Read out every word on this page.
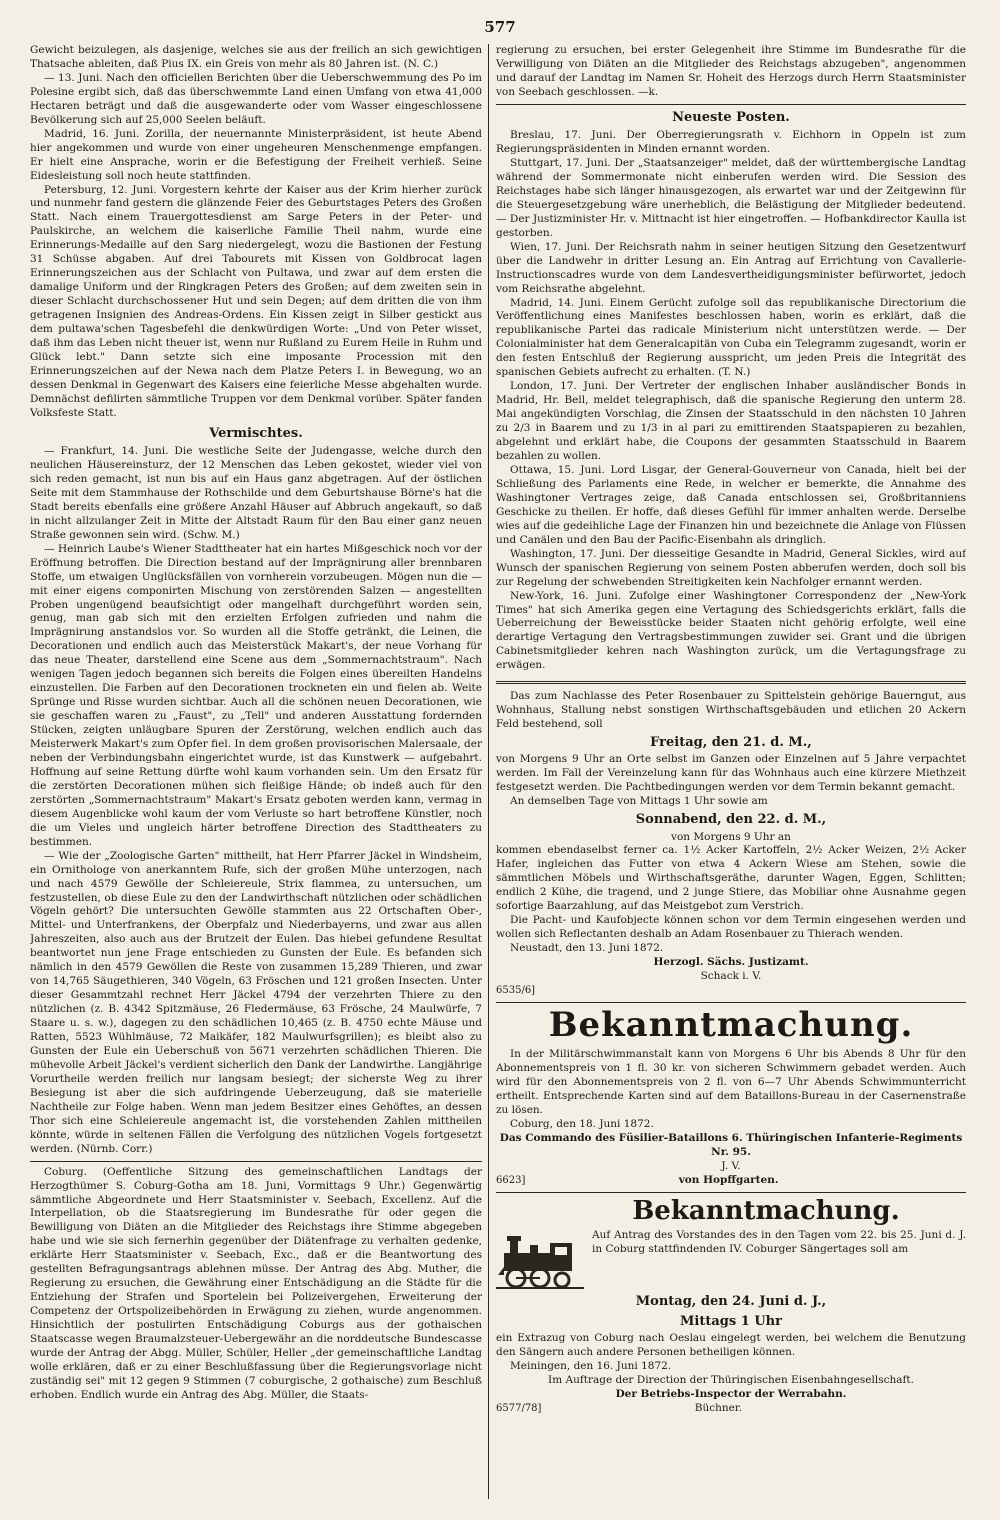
577

Gewicht beizulegen, als dasjenige, welches sie aus der freilich an sich gewichtigen Thatsache ableiten, daß Pius IX. ein Greis von mehr als 80 Jahren ist. (N. C.)

— 13. Juni. Nach den officiellen Berichten über die Ueberschwemmung des Po im Polesine ergibt sich, daß das überschwemmte Land einen Umfang von etwa 41,000 Hectaren beträgt und daß die ausgewanderte oder vom Wasser eingeschlossene Bevölkerung sich auf 25,000 Seelen beläuft.

Madrid, 16. Juni. Zorilla, der neuernannte Ministerpräsident, ist heute Abend hier angekommen und wurde von einer ungeheuren Menschenmenge empfangen. Er hielt eine Ansprache, worin er die Befestigung der Freiheit verhieß. Seine Eidesleistung soll noch heute stattfinden.

Petersburg, 12. Juni. Vorgestern kehrte der Kaiser aus der Krim hierher zurück und nunmehr fand gestern die glänzende Feier des Geburtstages Peters des Großen Statt. Nach einem Trauergottesdienst am Sarge Peters in der Peter- und Paulskirche, an welchem die kaiserliche Familie Theil nahm, wurde eine Erinnerungs-Medaille auf den Sarg niedergelegt, wozu die Bastionen der Festung 31 Schüsse abgaben. Auf drei Tabourets mit Kissen von Goldbrocat lagen Erinnerungszeichen aus der Schlacht von Pultawa, und zwar auf dem ersten die damalige Uniform und der Ringkragen Peters des Großen; auf dem zweiten sein in dieser Schlacht durchschossener Hut und sein Degen; auf dem dritten die von ihm getragenen Insignien des Andreas-Ordens. Ein Kissen zeigt in Silber gestickt aus dem pultawa'schen Tagesbefehl die denkwürdigen Worte: „Und von Peter wisset, daß ihm das Leben nicht theuer ist, wenn nur Rußland zu Eurem Heile in Ruhm und Glück lebt." Dann setzte sich eine imposante Procession mit den Erinnerungszeichen auf der Newa nach dem Platze Peters I. in Bewegung, wo an dessen Denkmal in Gegenwart des Kaisers eine feierliche Messe abgehalten wurde. Demnächst defilirten sämmtliche Truppen vor dem Denkmal vorüber. Später fanden Volksfeste Statt.

Vermischtes.

— Frankfurt, 14. Juni. Die westliche Seite der Judengasse, welche durch den neulichen Häusereinsturz, der 12 Menschen das Leben gekostet, wieder viel von sich reden gemacht, ist nun bis auf ein Haus ganz abgetragen. Auf der östlichen Seite mit dem Stammhause der Rothschilde und dem Geburtshause Börne's hat die Stadt bereits ebenfalls eine größere Anzahl Häuser auf Abbruch angekauft, so daß in nicht allzulanger Zeit in Mitte der Altstadt Raum für den Bau einer ganz neuen Straße gewonnen sein wird. (Schw. M.)

— Heinrich Laube's Wiener Stadttheater hat ein hartes Mißgeschick noch vor der Eröffnung betroffen. Die Direction bestand auf der Imprägnirung aller brennbaren Stoffe, um etwaigen Unglücksfällen von vornherein vorzubeugen. Mögen nun die — mit einer eigens componirten Mischung von zerstörenden Salzen — angestellten Proben ungenügend beaufsichtigt oder mangelhaft durchgeführt worden sein, genug, man gab sich mit den erzielten Erfolgen zufrieden und nahm die Imprägnirung anstandslos vor. So wurden all die Stoffe getränkt, die Leinen, die Decorationen und endlich auch das Meisterstück Makart's, der neue Vorhang für das neue Theater, darstellend eine Scene aus dem „Sommernachtstraum". Nach wenigen Tagen jedoch begannen sich bereits die Folgen eines übereilten Handelns einzustellen. Die Farben auf den Decorationen trockneten ein und fielen ab. Weite Sprünge und Risse wurden sichtbar. Auch all die schönen neuen Decorationen, wie sie geschaffen waren zu „Faust", zu „Tell" und anderen Ausstattung fordernden Stücken, zeigten unläugbare Spuren der Zerstörung, welchen endlich auch das Meisterwerk Makart's zum Opfer fiel. In dem großen provisorischen Malersaale, der neben der Verbindungsbahn eingerichtet wurde, ist das Kunstwerk — aufgebahrt. Hoffnung auf seine Rettung dürfte wohl kaum vorhanden sein. Um den Ersatz für die zerstörten Decorationen mühen sich fleißige Hände; ob indeß auch für den zerstörten „Sommernachtstraum" Makart's Ersatz geboten werden kann, vermag in diesem Augenblicke wohl kaum der vom Verluste so hart betroffene Künstler, noch die um Vieles und ungleich härter betroffene Direction des Stadttheaters zu bestimmen.

— Wie der „Zoologische Garten" mittheilt, hat Herr Pfarrer Jäckel in Windsheim, ein Ornithologe von anerkanntem Rufe, sich der großen Mühe unterzogen, nach und nach 4579 Gewölle der Schleiereule, Strix flammea, zu untersuchen, um festzustellen, ob diese Eule zu den der Landwirthschaft nützlichen oder schädlichen Vögeln gehört? Die untersuchten Gewölle stammten aus 22 Ortschaften Ober-, Mittel- und Unterfrankens, der Oberpfalz und Niederbayerns, und zwar aus allen Jahreszeiten, also auch aus der Brutzeit der Eulen. Das hiebei gefundene Resultat beantwortet nun jene Frage entschieden zu Gunsten der Eule. Es befanden sich nämlich in den 4579 Gewöllen die Reste von zusammen 15,289 Thieren, und zwar von 14,765 Säugethieren, 340 Vögeln, 63 Fröschen und 121 großen Insecten. Unter dieser Gesammtzahl rechnet Herr Jäckel 4794 der verzehrten Thiere zu den nützlichen (z. B. 4342 Spitzmäuse, 26 Fledermäuse, 63 Frösche, 24 Maulwürfe, 7 Staare u. s. w.), dagegen zu den schädlichen 10,465 (z. B. 4750 echte Mäuse und Ratten, 5523 Wühlmäuse, 72 Maikäfer, 182 Maulwurfsgrillen); es bleibt also zu Gunsten der Eule ein Ueberschuß von 5671 verzehrten schädlichen Thieren. Die mühevolle Arbeit Jäckel's verdient sicherlich den Dank der Landwirthe. Langjährige Vorurtheile werden freilich nur langsam besiegt; der sicherste Weg zu ihrer Besiegung ist aber die sich aufdringende Ueberzeugung, daß sie materielle Nachtheile zur Folge haben. Wenn man jedem Besitzer eines Gehöftes, an dessen Thor sich eine Schleiereule angemacht ist, die vorstehenden Zahlen mittheilen könnte, würde in seltenen Fällen die Verfolgung des nützlichen Vogels fortgesetzt werden. (Nürnb. Corr.)

Coburg. (Oeffentliche Sitzung des gemeinschaftlichen Landtags der Herzogthümer S. Coburg-Gotha am 18. Juni, Vormittags 9 Uhr.) Gegenwärtig sämmtliche Abgeordnete und Herr Staatsminister v. Seebach, Excellenz. Auf die Interpellation, ob die Staatsregierung im Bundesrathe für oder gegen die Bewilligung von Diäten an die Mitglieder des Reichstags ihre Stimme abgegeben habe und wie sie sich fernerhin gegenüber der Diätenfrage zu verhalten gedenke, erklärte Herr Staatsminister v. Seebach, Exc., daß er die Beantwortung des gestellten Befragungsantrags ablehnen müsse. Der Antrag des Abg. Muther, die Regierung zu ersuchen, die Gewährung einer Entschädigung an die Städte für die Entziehung der Strafen und Sportelein bei Polizeivergehen, Erweiterung der Competenz der Ortspolizeibehörden in Erwägung zu ziehen, wurde angenommen. Hinsichtlich der postulirten Entschädigung Coburgs aus der gothaischen Staatscasse wegen Braumalzsteuer-Uebergewähr an die norddeutsche Bundescasse wurde der Antrag der Abgg. Müller, Schüler, Heller „der gemeinschaftliche Landtag wolle erklären, daß er zu einer Beschlußfassung über die Regierungsvorlage nicht zuständig sei" mit 12 gegen 9 Stimmen (7 coburgische, 2 gothaische) zum Beschluß erhoben. Endlich wurde ein Antrag des Abg. Müller, die Staats-

regierung zu ersuchen, bei erster Gelegenheit ihre Stimme im Bundesrathe für die Verwilligung von Diäten an die Mitglieder des Reichstags abzugeben", angenommen und darauf der Landtag im Namen Sr. Hoheit des Herzogs durch Herrn Staatsminister von Seebach geschlossen. —k.

Neueste Posten.

Breslau, 17. Juni. Der Oberregierungsrath v. Eichhorn in Oppeln ist zum Regierungspräsidenten in Minden ernannt worden.

Stuttgart, 17. Juni. Der „Staatsanzeiger" meldet, daß der württembergische Landtag während der Sommermonate nicht einberufen werden wird. Die Session des Reichstages habe sich länger hinausgezogen, als erwartet war und der Zeitgewinn für die Steuergesetzgebung wäre unerheblich, die Belästigung der Mitglieder bedeutend. — Der Justizminister Hr. v. Mittnacht ist hier eingetroffen. — Hofbankdirector Kaulla ist gestorben.

Wien, 17. Juni. Der Reichsrath nahm in seiner heutigen Sitzung den Gesetzentwurf über die Landwehr in dritter Lesung an. Ein Antrag auf Errichtung von Cavallerie-Instructionscadres wurde von dem Landesvertheidigungsminister befürwortet, jedoch vom Reichsrathe abgelehnt.

Madrid, 14. Juni. Einem Gerücht zufolge soll das republikanische Directorium die Veröffentlichung eines Manifestes beschlossen haben, worin es erklärt, daß die republikanische Partei das radicale Ministerium nicht unterstützen werde. — Der Colonialminister hat dem Generalcapitän von Cuba ein Telegramm zugesandt, worin er den festen Entschluß der Regierung ausspricht, um jeden Preis die Integrität des spanischen Gebiets aufrecht zu erhalten. (T. N.)

London, 17. Juni. Der Vertreter der englischen Inhaber ausländischer Bonds in Madrid, Hr. Bell, meldet telegraphisch, daß die spanische Regierung den unterm 28. Mai angekündigten Vorschlag, die Zinsen der Staatsschuld in den nächsten 10 Jahren zu 2/3 in Baarem und zu 1/3 in al pari zu emittirenden Staatspapieren zu bezahlen, abgelehnt und erklärt habe, die Coupons der gesammten Staatsschuld in Baarem bezahlen zu wollen.

Ottawa, 15. Juni. Lord Lisgar, der General-Gouverneur von Canada, hielt bei der Schließung des Parlaments eine Rede, in welcher er bemerkte, die Annahme des Washingtoner Vertrages zeige, daß Canada entschlossen sei, Großbritanniens Geschicke zu theilen. Er hoffe, daß dieses Gefühl für immer anhalten werde. Derselbe wies auf die gedeihliche Lage der Finanzen hin und bezeichnete die Anlage von Flüssen und Canälen und den Bau der Pacific-Eisenbahn als dringlich.

Washington, 17. Juni. Der diesseitige Gesandte in Madrid, General Sickles, wird auf Wunsch der spanischen Regierung von seinem Posten abberufen werden, doch soll bis zur Regelung der schwebenden Streitigkeiten kein Nachfolger ernannt werden.

New-York, 16. Juni. Zufolge einer Washingtoner Correspondenz der „New-York Times" hat sich Amerika gegen eine Vertagung des Schiedsgerichts erklärt, falls die Ueberreichung der Beweisstücke beider Staaten nicht gehörig erfolgte, weil eine derartige Vertagung den Vertragsbestimmungen zuwider sei. Grant und die übrigen Cabinetsmitglieder kehren nach Washington zurück, um die Vertagungsfrage zu erwägen.

Das zum Nachlasse des Peter Rosenbauer zu Spittelstein gehörige Bauerngut, aus Wohnhaus, Stallung nebst sonstigen Wirthschaftsgebäuden und etlichen 20 Ackern Feld bestehend, soll

Freitag, den 21. d. M.,

von Morgens 9 Uhr an Orte selbst im Ganzen oder Einzelnen auf 5 Jahre verpachtet werden. Im Fall der Vereinzelung kann für das Wohnhaus auch eine kürzere Miethzeit festgesetzt werden. Die Pachtbedingungen werden vor dem Termin bekannt gemacht.

An demselben Tage von Mittags 1 Uhr sowie am

Sonnabend, den 22. d. M.,

von Morgens 9 Uhr an

kommen ebendaselbst ferner ca. 1½ Acker Kartoffeln, 2½ Acker Weizen, 2½ Acker Hafer, ingleichen das Futter von etwa 4 Ackern Wiese am Stehen, sowie die sämmtlichen Möbels und Wirthschaftsgeräthe, darunter Wagen, Eggen, Schlitten; endlich 2 Kühe, die tragend, und 2 junge Stiere, das Mobiliar ohne Ausnahme gegen sofortige Baarzahlung, auf das Meistgebot zum Verstrich.

Die Pacht- und Kaufobjecte können schon vor dem Termin eingesehen werden und wollen sich Reflectanten deshalb an Adam Rosenbauer zu Thierach wenden.

Neustadt, den 13. Juni 1872.

Herzogl. Sächs. Justizamt.

Schack i. V.

6535/6]
Bekanntmachung.

In der Militärschwimmanstalt kann von Morgens 6 Uhr bis Abends 8 Uhr für den Abonnementspreis von 1 fl. 30 kr. von sicheren Schwimmern gebadet werden. Auch wird für den Abonnementspreis von 2 fl. von 6—7 Uhr Abends Schwimmunterricht ertheilt. Entsprechende Karten sind auf dem Bataillons-Bureau in der Casernenstraße zu lösen.

Coburg, den 18. Juni 1872.

Das Commando des Füsilier-Bataillons 6. Thüringischen Infanterie-Regiments Nr. 95.

J. V.

6623]	von Hopffgarten.

Bekanntmachung.

Auf Antrag des Vorstandes des in den Tagen vom 22. bis 25. Juni d. J. in Coburg stattfindenden IV. Coburger Sängertages soll am

Montag, den 24. Juni d. J.,

Mittags 1 Uhr

ein Extrazug von Coburg nach Oeslau eingelegt werden, bei welchem die Benutzung den Sängern auch andere Personen betheiligen können.

Meiningen, den 16. Juni 1872.

Im Auftrage der Direction der Thüringischen Eisenbahngesellschaft.

Der Betriebs-Inspector der Werrabahn.

6577/78]	Büchner.
